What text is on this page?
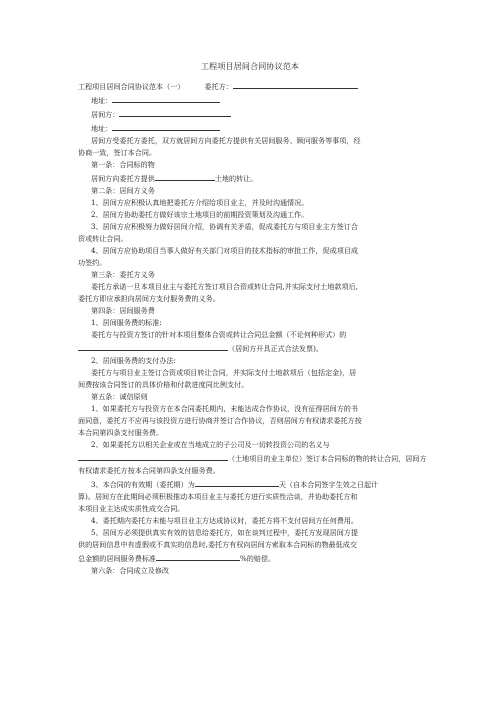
工程项目居间合同协议范本

工程项目居间合同协议范本（一）	委托方：

地址：

居间方：

地址：

居间方受委托方委托，双方就居间方向委托方提供有关居间服务、顾问服务等事项，经

协商一致，签订本合同。

第一条：合同标的物

居间方向委托方提供	土地的转让。

第二条：居间方义务

1、居间方应积极认真地把委托方介绍给项目业主，并及时沟通情况。

2、居间方协助委托方做好该宗土地项目的前期投资策划及沟通工作。

3、居间方应积极努力做好居间介绍，协调有关矛盾，促成委托方与项目业主方签订合

资或转让合同。

4、居间方应协助项目当事人做好有关部门对项目的技术指标的审批工作，促成项目成

功签约。

第三条：委托方义务

委托方承诺一旦本项目业主与委托方签订项目合资或转让合同,并实际支付土地款项后,

委托方即应承担向居间方支付服务费的义务。

第四条：居间服务费

1、居间服务费的标准:

委托方与投资方签订的针对本项目整体合资或转让合同总金额（不论何种形式）的

（居间方开具正式合法发票)。

2、居间服务费的支付办法:

委托方与项目业主签订合资或项目转让合同，并实际支付土地款项后（包括定金)，居

间费按该合同签订的具体价格和付款进度同比例支付。

第五条：诚信原则

1、如果委托方与投资方在本合同委托期内，未能达成合作协议，没有征得居间方的书

面同意，委托方不应再与该投资方进行协商并签订合作协议，否则居间方有权请求委托方按

本合同第四条支付服务费。

2、如果委托方以相关企业或在当地成立的子公司及一切转投资公司的名义与

（土地项目的业主单位）签订本合同标的物的转让合同，居间方

有权请求委托方按本合同第四条支付服务费。

3、本合同的有效期（委托期）为	天（自本合同签字生效之日起计

算)。居间方在此期间必须积极推动本项目业主与委托方进行实质性洽谈，并协助委托方和

本项目业主达成实质性成交合同。

4、委托期内委托方未能与项目业主方达成协议时，委托方将不支付居间方任何费用。

5、居间方必须提供真实有效的信息给委托方，如在谈判过程中，委托方发现居间方提

供的居间信息中有虚假或不真实的信息时,委托方有权向居间方索取本合同标的物最低成交

总金额的居间服务费标准	%的赔偿。

第六条：合同成立及修改
